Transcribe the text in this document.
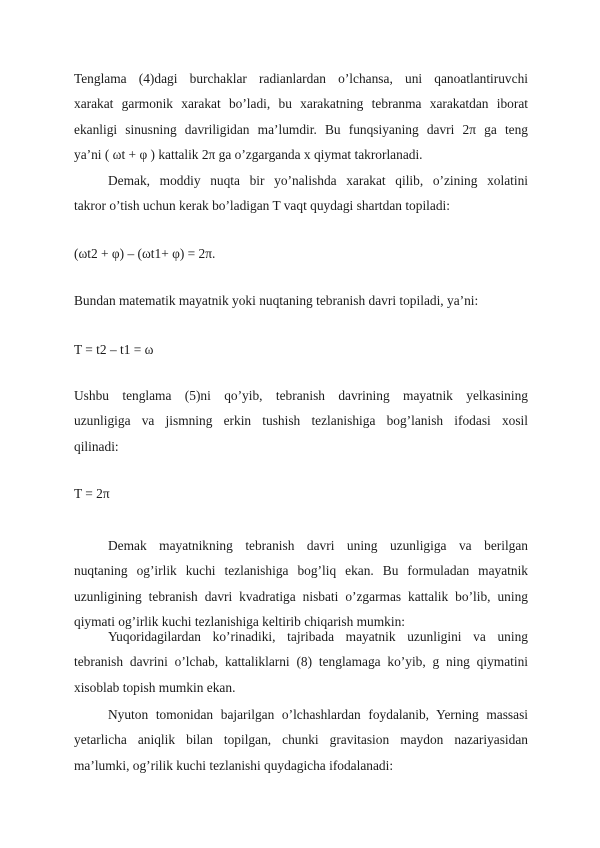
Tenglama (4)dagi burchaklar radianlardan o’lchansa, uni qanoatlantiruvchi
xarakat garmonik xarakat bo’ladi, bu xarakatning tebranma xarakatdan iborat
ekanligi sinusning davriligidan ma’lumdir. Bu funqsiyaning davri 2π ga teng
ya’ni ( ωt + φ ) kattalik 2π ga o’zgarganda x qiymat takrorlanadi.
Demak, moddiy nuqta bir yo’nalishda xarakat qilib, o’zining xolatini
takror o’tish uchun kerak bo’ladigan T vaqt quydagi shartdan topiladi:

(ωt2 + φ) – (ωt1+ φ) = 2π.

Bundan matematik mayatnik yoki nuqtaning tebranish davri topiladi, ya’ni:

T = t2 – t1 = ω

Ushbu tenglama (5)ni qo’yib, tebranish davrining mayatnik yelkasining
uzunligiga va jismning erkin tushish tezlanishiga bog’lanish ifodasi xosil
qilinadi:

T = 2π

Demak mayatnikning tebranish davri uning uzunligiga va berilgan
nuqtaning og’irlik kuchi tezlanishiga bog’liq ekan. Bu formuladan mayatnik
uzunligining tebranish davri kvadratiga nisbati o’zgarmas kattalik bo’lib, uning
qiymati og’irlik kuchi tezlanishiga keltirib chiqarish mumkin:
Yuqoridagilardan ko’rinadiki, tajribada mayatnik uzunligini va uning
tebranish davrini o’lchab, kattaliklarni (8) tenglamaga ko’yib, g ning qiymatini
xisoblab topish mumkin ekan.
Nyuton tomonidan bajarilgan o’lchashlardan foydalanib, Yerning massasi
yetarlicha aniqlik bilan topilgan, chunki gravitasion maydon nazariyasidan
ma’lumki, og’rilik kuchi tezlanishi quydagicha ifodalanadi:
